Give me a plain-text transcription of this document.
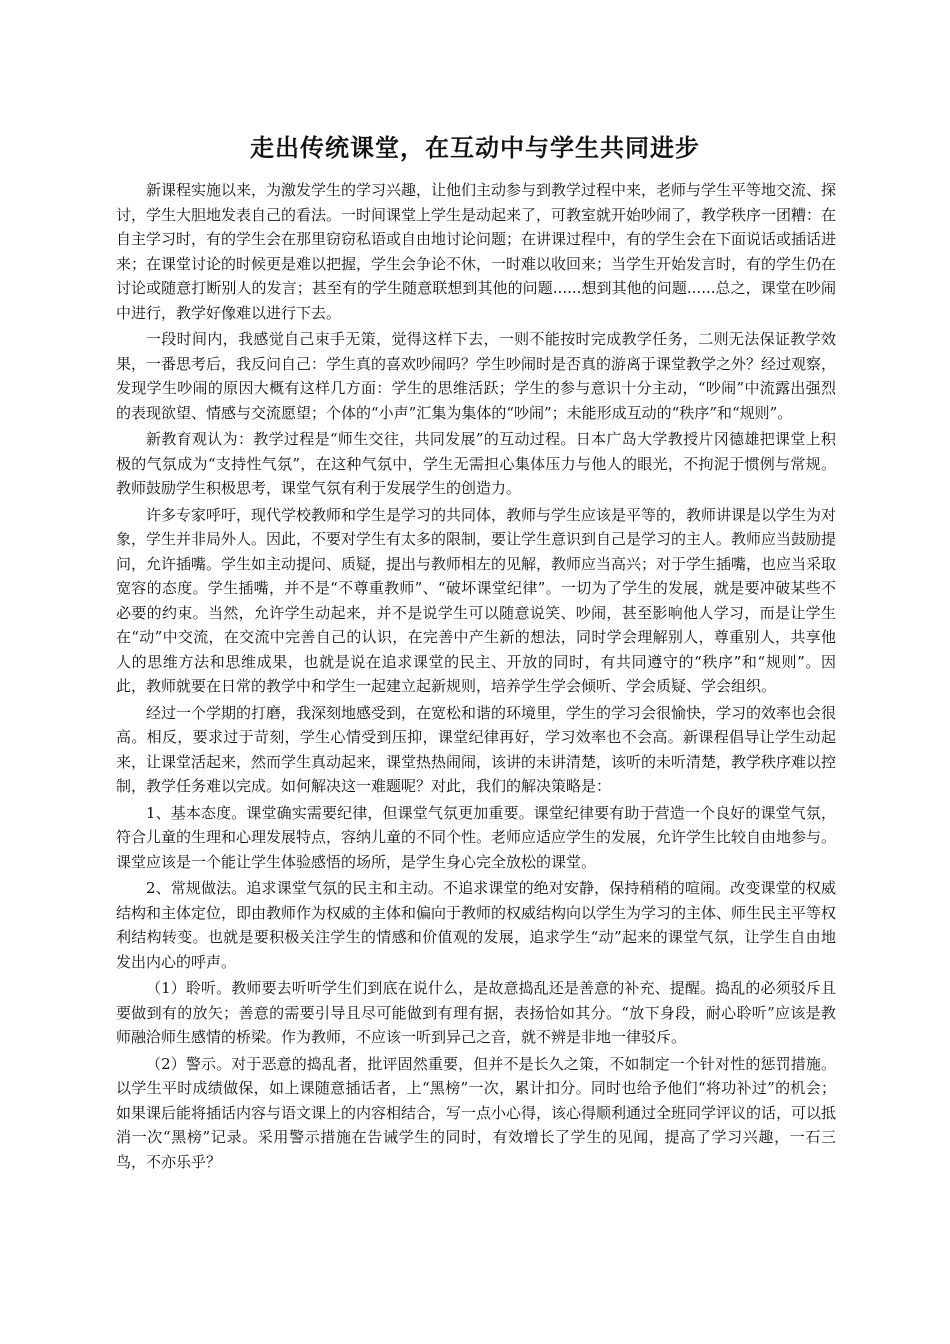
走出传统课堂，在互动中与学生共同进步

新课程实施以来，为激发学生的学习兴趣，让他们主动参与到教学过程中来，老师与学生平等地交流、探讨，学生大胆地发表自己的看法。一时间课堂上学生是动起来了，可教室就开始吵闹了，教学秩序一团糟：在自主学习时，有的学生会在那里窃窃私语或自由地讨论问题；在讲课过程中，有的学生会在下面说话或插话进来；在课堂讨论的时候更是难以把握，学生会争论不休，一时难以收回来；当学生开始发言时，有的学生仍在讨论或随意打断别人的发言；甚至有的学生随意联想到其他的问题......想到其他的问题......总之，课堂在吵闹中进行，教学好像难以进行下去。

一段时间内，我感觉自己束手无策，觉得这样下去，一则不能按时完成教学任务，二则无法保证教学效果，一番思考后，我反问自己：学生真的喜欢吵闹吗？学生吵闹时是否真的游离于课堂教学之外？经过观察，发现学生吵闹的原因大概有这样几方面：学生的思维活跃；学生的参与意识十分主动，“吵闹”中流露出强烈的表现欲望、情感与交流愿望；个体的“小声”汇集为集体的“吵闹”；未能形成互动的“秩序”和“规则”。

新教育观认为：教学过程是“师生交往，共同发展”的互动过程。日本广岛大学教授片冈德雄把课堂上积极的气氛成为“支持性气氛”，在这种气氛中，学生无需担心集体压力与他人的眼光，不拘泥于惯例与常规。教师鼓励学生积极思考，课堂气氛有利于发展学生的创造力。

许多专家呼吁，现代学校教师和学生是学习的共同体，教师与学生应该是平等的，教师讲课是以学生为对象，学生并非局外人。因此，不要对学生有太多的限制，要让学生意识到自己是学习的主人。教师应当鼓励提问，允许插嘴。学生如主动提问、质疑，提出与教师相左的见解，教师应当高兴；对于学生插嘴，也应当采取宽容的态度。学生插嘴，并不是“不尊重教师”、“破坏课堂纪律”。一切为了学生的发展，就是要冲破某些不必要的约束。当然，允许学生动起来，并不是说学生可以随意说笑、吵闹，甚至影响他人学习，而是让学生在“动”中交流，在交流中完善自己的认识，在完善中产生新的想法，同时学会理解别人，尊重别人，共享他人的思维方法和思维成果，也就是说在追求课堂的民主、开放的同时，有共同遵守的“秩序”和“规则”。因此，教师就要在日常的教学中和学生一起建立起新规则，培养学生学会倾听、学会质疑、学会组织。

经过一个学期的打磨，我深刻地感受到，在宽松和谐的环境里，学生的学习会很愉快，学习的效率也会很高。相反，要求过于苛刻，学生心情受到压抑，课堂纪律再好，学习效率也不会高。新课程倡导让学生动起来，让课堂活起来，然而学生真动起来，课堂热热闹闹，该讲的未讲清楚，该听的未听清楚，教学秩序难以控制，教学任务难以完成。如何解决这一难题呢？对此，我们的解决策略是：

1、基本态度。课堂确实需要纪律，但课堂气氛更加重要。课堂纪律要有助于营造一个良好的课堂气氛，符合儿童的生理和心理发展特点，容纳儿童的不同个性。老师应适应学生的发展，允许学生比较自由地参与。课堂应该是一个能让学生体验感悟的场所，是学生身心完全放松的课堂。

2、常规做法。追求课堂气氛的民主和主动。不追求课堂的绝对安静，保持稍稍的喧闹。改变课堂的权威结构和主体定位，即由教师作为权威的主体和偏向于教师的权威结构向以学生为学习的主体、师生民主平等权利结构转变。也就是要积极关注学生的情感和价值观的发展，追求学生“动”起来的课堂气氛，让学生自由地发出内心的呼声。

（1）聆听。教师要去听听学生们到底在说什么，是故意捣乱还是善意的补充、提醒。捣乱的必须驳斥且要做到有的放矢；善意的需要引导且尽可能做到有理有据，表扬恰如其分。“放下身段，耐心聆听”应该是教师融洽师生感情的桥梁。作为教师，不应该一听到异己之音，就不辨是非地一律驳斥。

（2）警示。对于恶意的捣乱者，批评固然重要，但并不是长久之策，不如制定一个针对性的惩罚措施。以学生平时成绩做保，如上课随意插话者，上“黑榜”一次，累计扣分。同时也给予他们“将功补过”的机会；如果课后能将插话内容与语文课上的内容相结合，写一点小心得，该心得顺利通过全班同学评议的话，可以抵消一次“黑榜”记录。采用警示措施在告诫学生的同时，有效增长了学生的见闻，提高了学习兴趣，一石三鸟，不亦乐乎？
